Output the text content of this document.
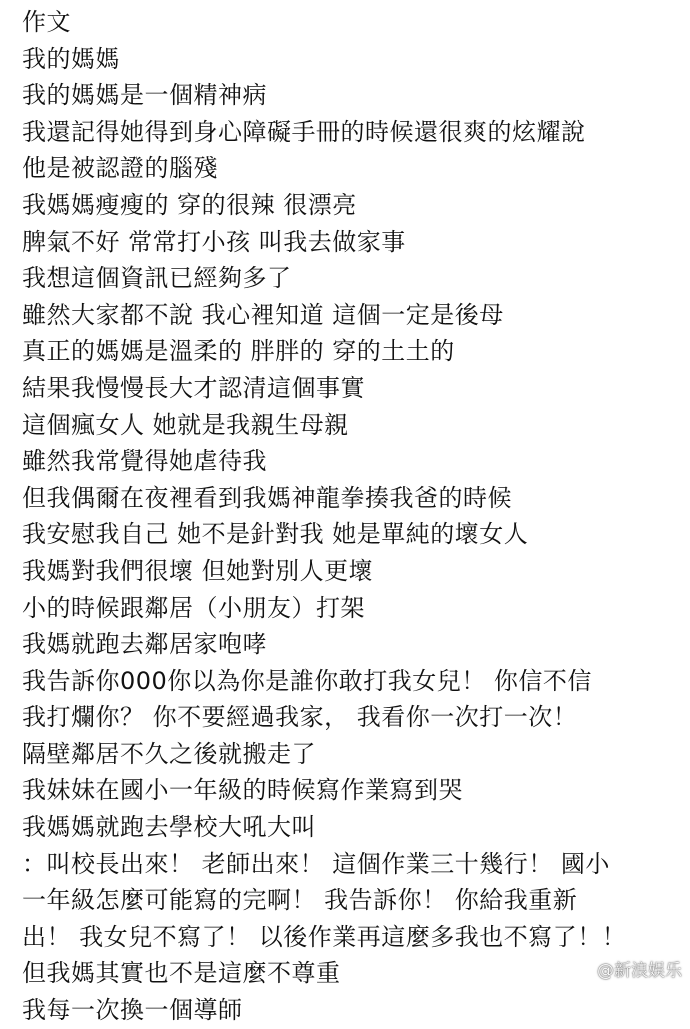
作文
我的媽媽
我的媽媽是一個精神病
我還記得她得到身心障礙手冊的時候還很爽的炫耀說
他是被認證的腦殘
我媽媽瘦瘦的 穿的很辣 很漂亮
脾氣不好 常常打小孩 叫我去做家事
我想這個資訊已經夠多了
雖然大家都不說 我心裡知道 這個一定是後母
真正的媽媽是溫柔的 胖胖的 穿的土土的
結果我慢慢長大才認清這個事實
這個瘋女人 她就是我親生母親
雖然我常覺得她虐待我
但我偶爾在夜裡看到我媽神龍拳揍我爸的時候
我安慰我自己 她不是針對我 她是單純的壞女人
我媽對我們很壞 但她對別人更壞
小的時候跟鄰居（小朋友）打架
我媽就跑去鄰居家咆哮
我告訴你000你以為你是誰你敢打我女兒！ 你信不信
我打爛你？ 你不要經過我家， 我看你一次打一次！
隔壁鄰居不久之後就搬走了
我妹妹在國小一年級的時候寫作業寫到哭
我媽媽就跑去學校大吼大叫
：叫校長出來！ 老師出來！ 這個作業三十幾行！ 國小
一年級怎麼可能寫的完啊！ 我告訴你！ 你給我重新
出！ 我女兒不寫了！ 以後作業再這麼多我也不寫了！！
但我媽其實也不是這麼不尊重
我每一次換一個導師
@新浪娱乐
